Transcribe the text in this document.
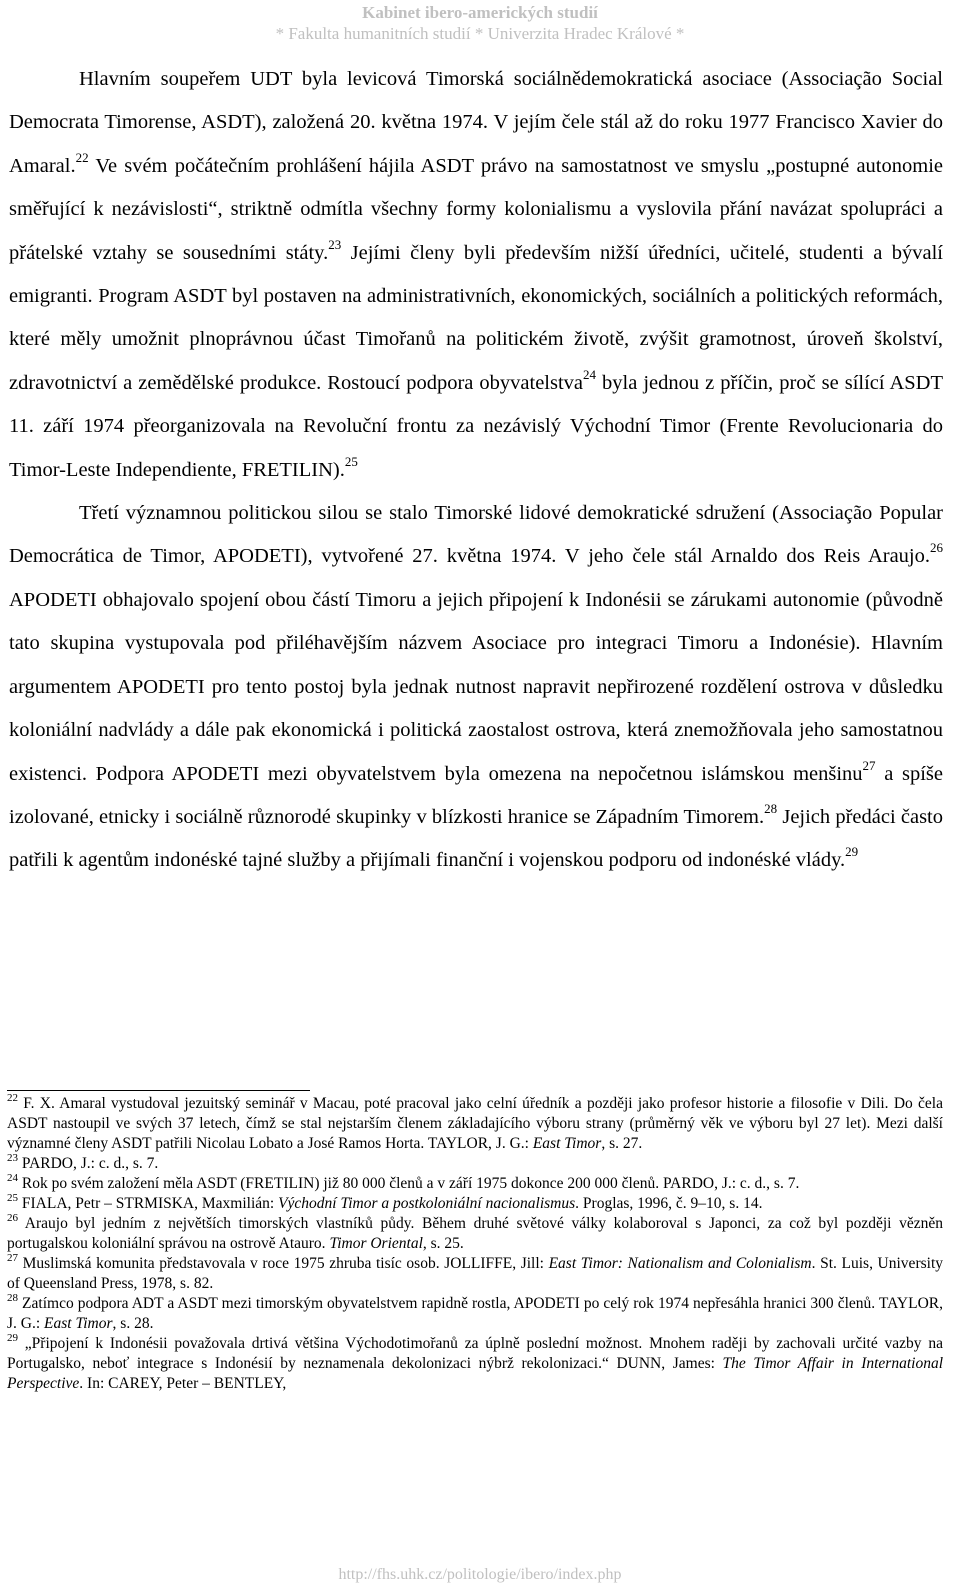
Kabinet ibero-amerických studií
* Fakulta humanitních studií * Univerzita Hradec Králové *

Hlavním soupeřem UDT byla levicová Timorská sociálnědemokratická asociace (Associação Social Democrata Timorense, ASDT), založená 20. května 1974. V jejím čele stál až do roku 1977 Francisco Xavier do Amaral.$^{22}$ Ve svém počátečním prohlášení hájila ASDT právo na samostatnost ve smyslu „postupné autonomie směřující k nezávislosti“, striktně odmítla všechny formy kolonialismu a vyslovila přání navázat spolupráci a přátelské vztahy se sousedními státy.$^{23}$ Jejími členy byli především nižší úředníci, učitelé, studenti a bývalí emigranti. Program ASDT byl postaven na administrativních, ekonomických, sociálních a politických reformách, které měly umožnit plnoprávnou účast Timořanů na politickém životě, zvýšit gramotnost, úroveň školství, zdravotnictví a zemědělské produkce. Rostoucí podpora obyvatelstva$^{24}$ byla jednou z příčin, proč se sílící ASDT 11. září 1974 přeorganizovala na Revoluční frontu za nezávislý Východní Timor (Frente Revolucionaria do Timor-Leste Independiente, FRETILIN).$^{25}$

Třetí významnou politickou silou se stalo Timorské lidové demokratické sdružení (Associação Popular Democrática de Timor, APODETI), vytvořené 27. května 1974. V jeho čele stál Arnaldo dos Reis Araujo.$^{26}$ APODETI obhajovalo spojení obou částí Timoru a jejich připojení k Indonésii se zárukami autonomie (původně tato skupina vystupovala pod přiléhavějším názvem Asociace pro integraci Timoru a Indonésie). Hlavním argumentem APODETI pro tento postoj byla jednak nutnost napravit nepřirozené rozdělení ostrova v důsledku koloniální nadvlády a dále pak ekonomická i politická zaostalost ostrova, která znemožňovala jeho samostatnou existenci. Podpora APODETI mezi obyvatelstvem byla omezena na nepočetnou islámskou menšinu$^{27}$ a spíše izolované, etnicky i sociálně různorodé skupinky v blízkosti hranice se Západním Timorem.$^{28}$ Jejich předáci často patřili k agentům indonéské tajné služby a přijímali finanční i vojenskou podporu od indonéské vlády.$^{29}$

$^{22}$ F. X. Amaral vystudoval jezuitský seminář v Macau, poté pracoval jako celní úředník a později jako profesor historie a filosofie v Dili. Do čela ASDT nastoupil ve svých 37 letech, čímž se stal nejstarším členem základajícího výboru strany (průměrný věk ve výboru byl 27 let). Mezi další významné členy ASDT patřili Nicolau Lobato a José Ramos Horta. TAYLOR, J. G.: East Timor, s. 27.

$^{23}$ PARDO, J.: c. d., s. 7.

$^{24}$ Rok po svém založení měla ASDT (FRETILIN) již 80 000 členů a v září 1975 dokonce 200 000 členů. PARDO, J.: c. d., s. 7.

$^{25}$ FIALA, Petr – STRMISKA, Maxmilián: Východní Timor a postkoloniální nacionalismus. Proglas, 1996, č. 9–10, s. 14.

$^{26}$ Araujo byl jedním z největších timorských vlastníků půdy. Během druhé světové války kolaboroval s Japonci, za což byl později vězněn portugalskou koloniální správou na ostrově Atauro. Timor Oriental, s. 25.

$^{27}$ Muslimská komunita představovala v roce 1975 zhruba tisíc osob. JOLLIFFE, Jill: East Timor: Nationalism and Colonialism. St. Luis, University of Queensland Press, 1978, s. 82.

$^{28}$ Zatímco podpora ADT a ASDT mezi timorským obyvatelstvem rapidně rostla, APODETI po celý rok 1974 nepřesáhla hranici 300 členů. TAYLOR, J. G.: East Timor, s. 28.

$^{29}$ „Připojení k Indonésii považovala drtivá většina Východotimořanů za úplně poslední možnost. Mnohem raději by zachovali určité vazby na Portugalsko, neboť integrace s Indonésií by neznamenala dekolonizaci nýbrž rekolonizaci.“ DUNN, James: The Timor Affair in International Perspective. In: CAREY, Peter – BENTLEY,

http://fhs.uhk.cz/politologie/ibero/index.php
